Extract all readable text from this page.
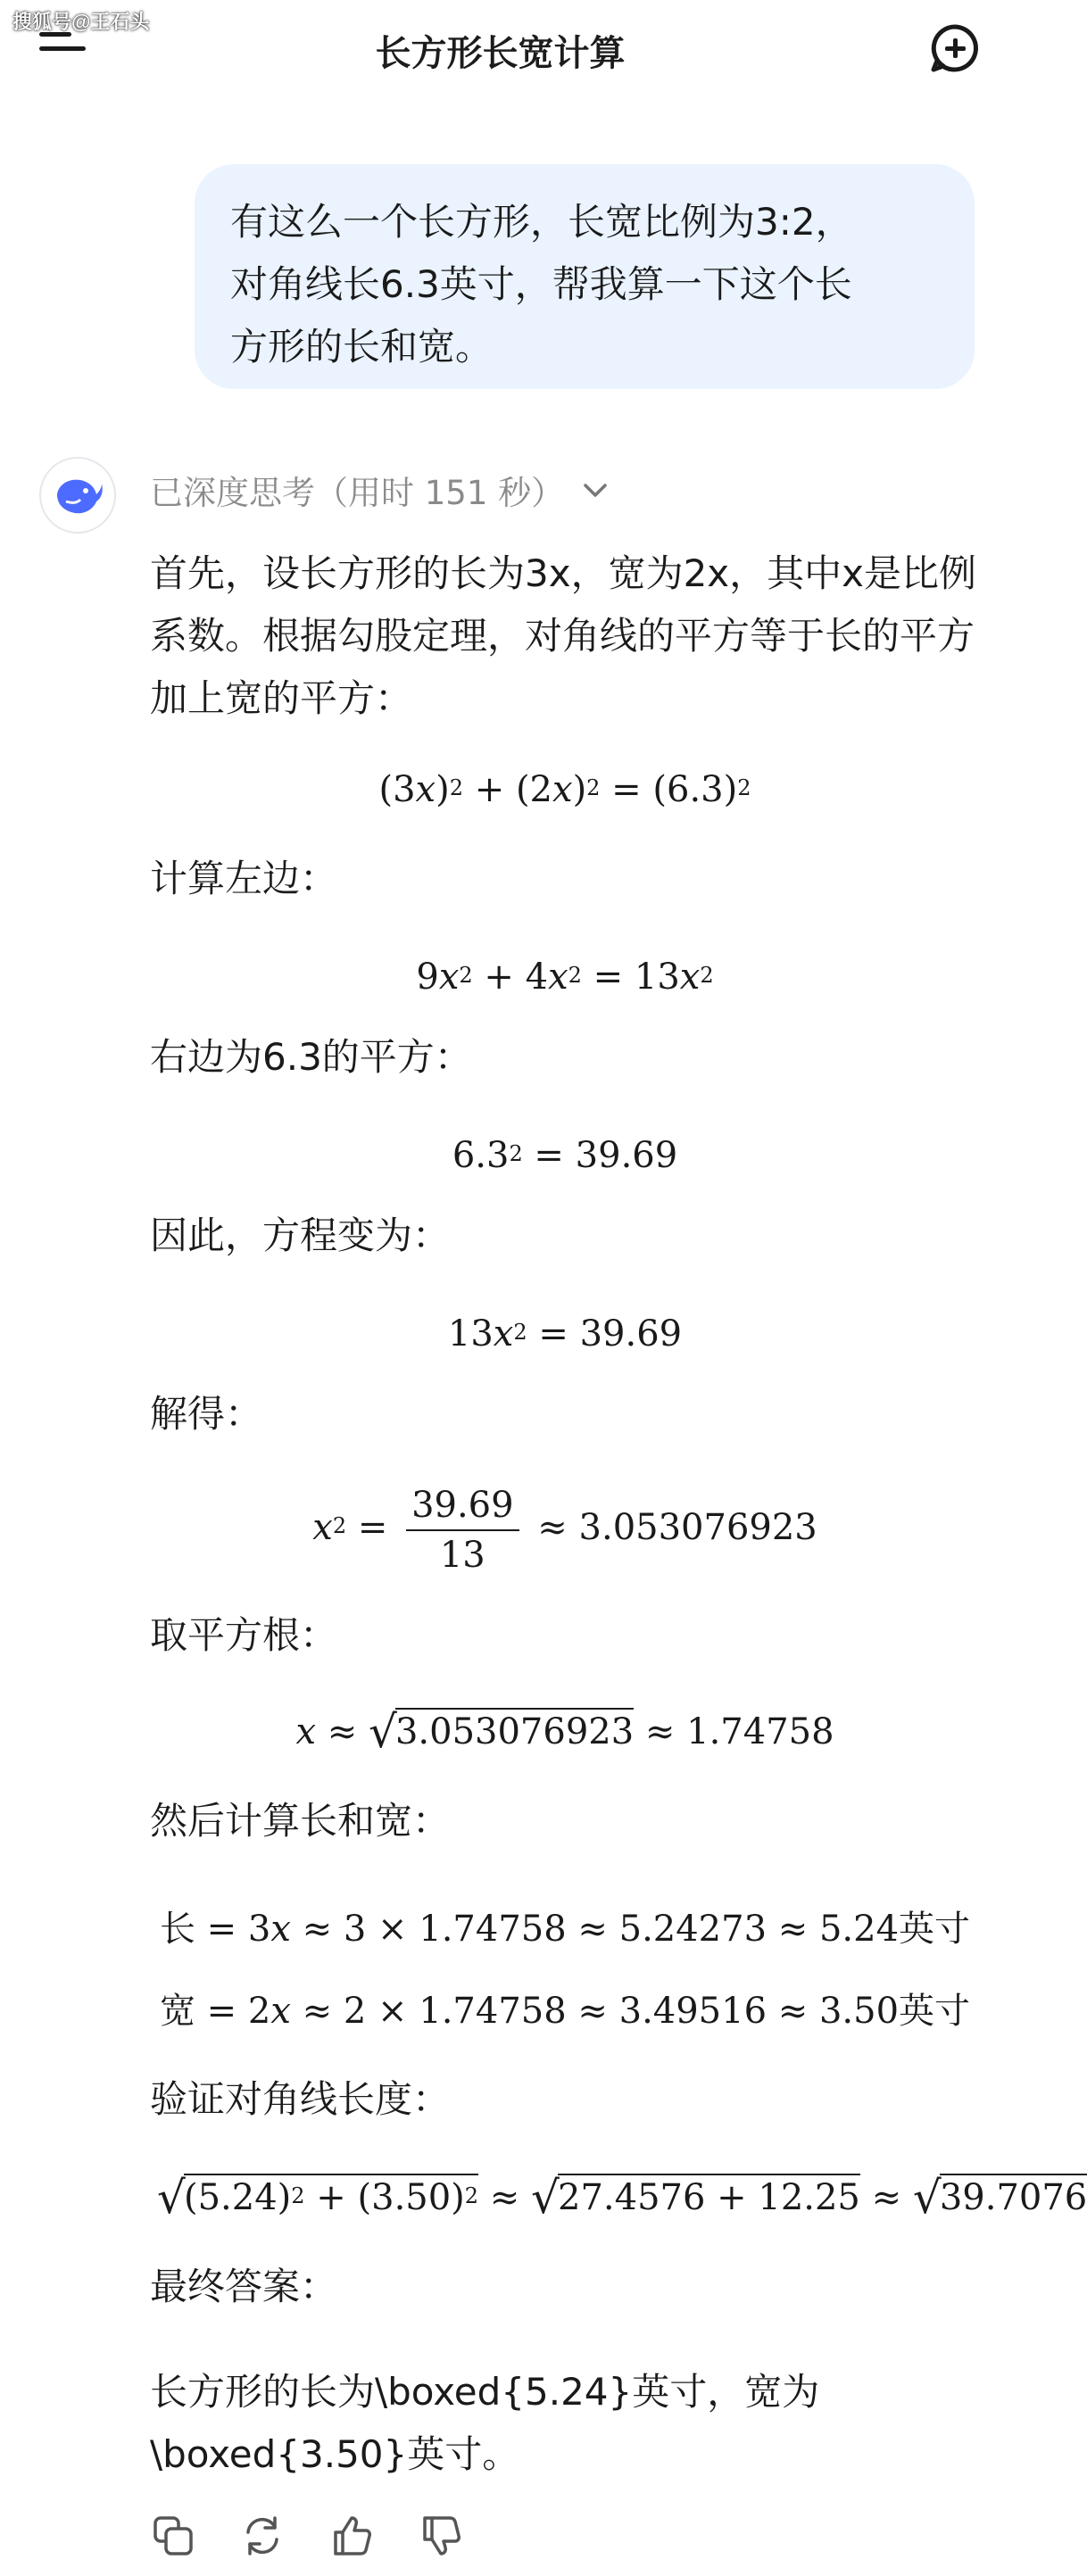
搜狐号@王石头
长方形长宽计算
有这么一个长方形，长宽比例为3:2，
对角线长6.3英寸，帮我算一下这个长
方形的长和宽。
已深度思考（用时 151 秒）
首先，设长方形的长为3x，宽为2x，其中x是比例系数。根据勾股定理，对角线的平方等于长的平方加上宽的平方：
$(3x)^2 + (2x)^2 = (6.3)^2$
计算左边：
$9x^2 + 4x^2 = 13x^2$
右边为6.3的平方：
$6.3^2 = 39.69$
因此，方程变为：
$13x^2 = 39.69$
解得：
$x^2 = \frac{39.69}{13} \approx 3.053076923$
取平方根：
x ≈ √ 3.053076923 ≈ 1.74758
然后计算长和宽：
长 = 3x ≈ 3 × 1.74758 ≈ 5.24273 ≈ 5.24英寸
宽 = 2x ≈ 2 × 1.74758 ≈ 3.49516 ≈ 3.50英寸
验证对角线长度：
√ $(5.24)^2 + (3.50)^2$ ≈ √ 27.4576 + 12.25 ≈ √ 39.7076
最终答案：
长方形的长为\boxed{5.24}英寸，宽为
\boxed{3.50}英寸。
